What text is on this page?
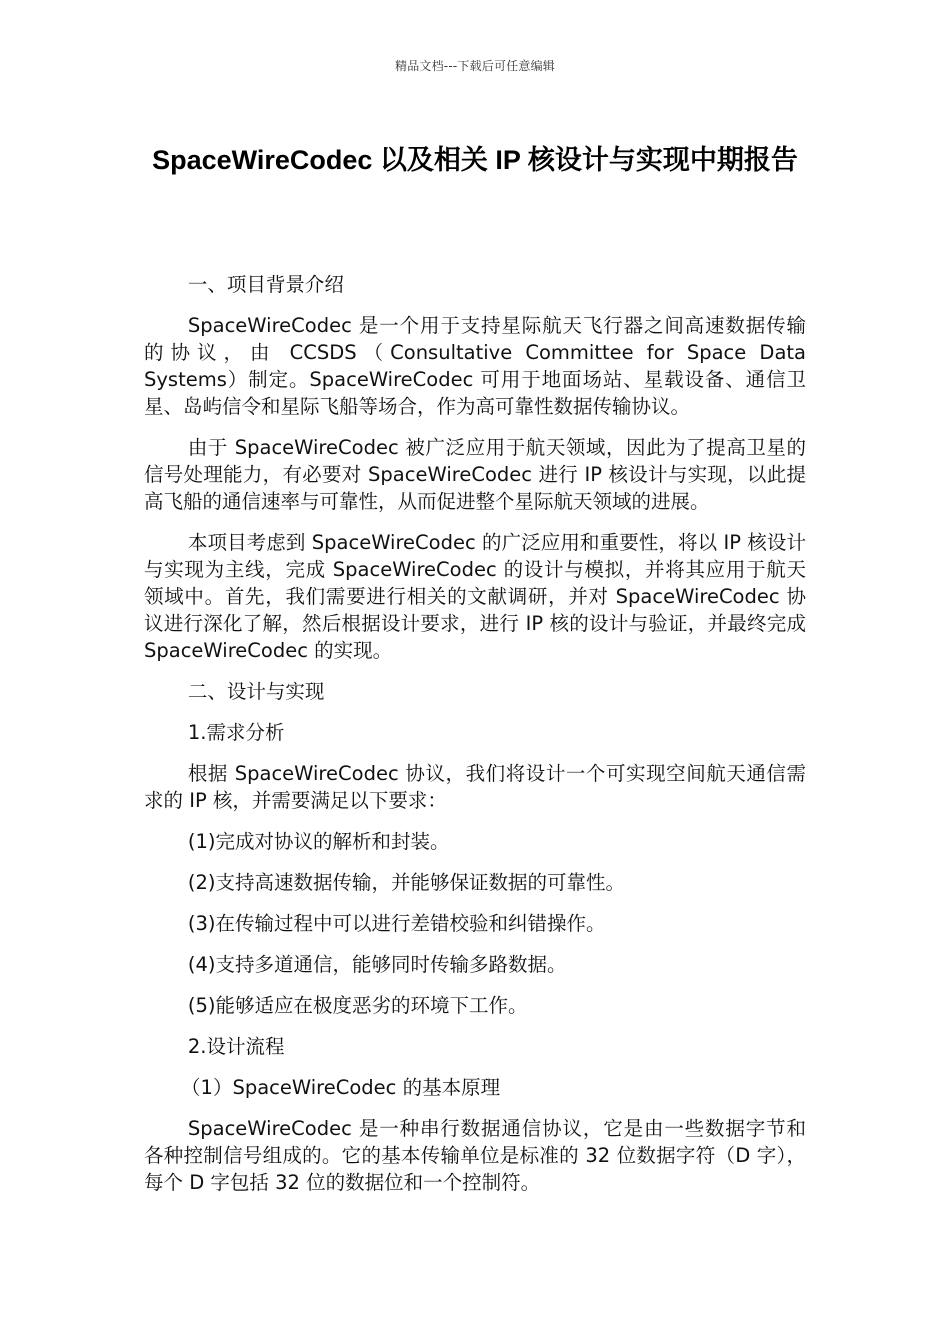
精品文档---下载后可任意编辑
SpaceWireCodec 以及相关 IP 核设计与实现中期报告

一、项目背景介绍

SpaceWireCodec 是一个用于支持星际航天飞行器之间高速数据传输的协议，由 CCSDS（Consultative Committee for Space Data Systems）制定。SpaceWireCodec 可用于地面场站、星载设备、通信卫星、岛屿信令和星际飞船等场合，作为高可靠性数据传输协议。

由于 SpaceWireCodec 被广泛应用于航天领域，因此为了提高卫星的信号处理能力，有必要对 SpaceWireCodec 进行 IP 核设计与实现，以此提高飞船的通信速率与可靠性，从而促进整个星际航天领域的进展。

本项目考虑到 SpaceWireCodec 的广泛应用和重要性，将以 IP 核设计与实现为主线，完成 SpaceWireCodec 的设计与模拟，并将其应用于航天领域中。首先，我们需要进行相关的文献调研，并对 SpaceWireCodec 协议进行深化了解，然后根据设计要求，进行 IP 核的设计与验证，并最终完成 SpaceWireCodec 的实现。

二、设计与实现

1.需求分析

根据 SpaceWireCodec 协议，我们将设计一个可实现空间航天通信需求的 IP 核，并需要满足以下要求：

(1)完成对协议的解析和封装。

(2)支持高速数据传输，并能够保证数据的可靠性。

(3)在传输过程中可以进行差错校验和纠错操作。

(4)支持多道通信，能够同时传输多路数据。

(5)能够适应在极度恶劣的环境下工作。

2.设计流程

（1）SpaceWireCodec 的基本原理

SpaceWireCodec 是一种串行数据通信协议，它是由一些数据字节和各种控制信号组成的。它的基本传输单位是标准的 32 位数据字符（D 字），每个 D 字包括 32 位的数据位和一个控制符。
